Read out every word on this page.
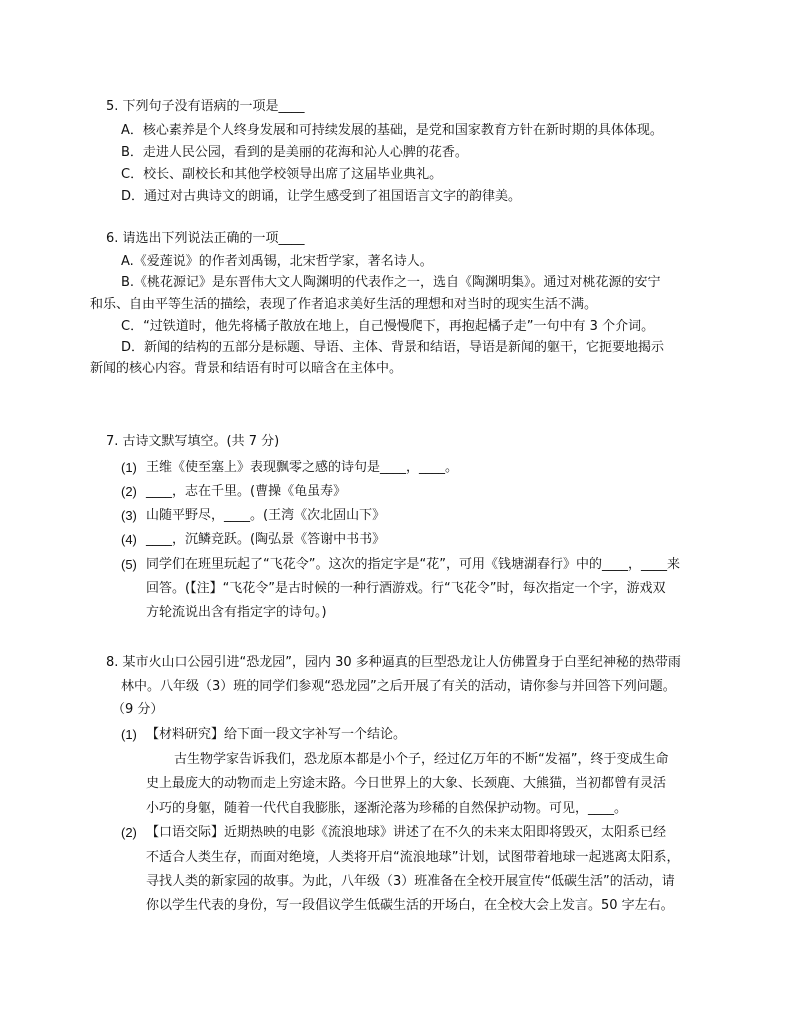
5. 下列句子没有语病的一项是____
A．核心素养是个人终身发展和可持续发展的基础，是党和国家教育方针在新时期的具体体现。
B．走进人民公园，看到的是美丽的花海和沁人心脾的花香。
C．校长、副校长和其他学校领导出席了这届毕业典礼。
D．通过对古典诗文的朗诵，让学生感受到了祖国语言文字的韵律美。
6. 请选出下列说法正确的一项____
A.《爱莲说》的作者刘禹锡，北宋哲学家，著名诗人。
B.《桃花源记》是东晋伟大文人陶渊明的代表作之一，选自《陶渊明集》。通过对桃花源的安宁
和乐、自由平等生活的描绘，表现了作者追求美好生活的理想和对当时的现实生活不满。
C．“过铁道时，他先将橘子散放在地上，自己慢慢爬下，再抱起橘子走”一句中有 3 个介词。
D．新闻的结构的五部分是标题、导语、主体、背景和结语，导语是新闻的躯干，它扼要地揭示
新闻的核心内容。背景和结语有时可以暗含在主体中。
7. 古诗文默写填空。(共 7 分)
(1) 王维《使至塞上》表现飘零之感的诗句是____，____。
(2) ____，志在千里。(曹操《龟虽寿》
(3) 山随平野尽，____。(王湾《次北固山下》
(4) ____，沉鳞竞跃。(陶弘景《答谢中书书》
(5) 同学们在班里玩起了“飞花令”。这次的指定字是“花”，可用《钱塘湖春行》中的____，____来
回答。(【注】“飞花令”是古时候的一种行酒游戏。行“飞花令”时，每次指定一个字，游戏双
方轮流说出含有指定字的诗句。)
8. 某市火山口公园引进“恐龙园”，园内 30 多种逼真的巨型恐龙让人仿佛置身于白垩纪神秘的热带雨
林中。八年级（3）班的同学们参观“恐龙园”之后开展了有关的活动，请你参与并回答下列问题。
（9 分）
(1) 【材料研究】给下面一段文字补写一个结论。
古生物学家告诉我们，恐龙原本都是小个子，经过亿万年的不断“发福”，终于变成生命
史上最庞大的动物而走上穷途末路。今日世界上的大象、长颈鹿、大熊猫，当初都曾有灵活
小巧的身躯，随着一代代自我膨胀，逐渐沦落为珍稀的自然保护动物。可见，____。
(2) 【口语交际】近期热映的电影《流浪地球》讲述了在不久的未来太阳即将毁灭，太阳系已经
不适合人类生存，而面对绝境，人类将开启“流浪地球”计划，试图带着地球一起逃离太阳系，
寻找人类的新家园的故事。为此，八年级（3）班准备在全校开展宣传“低碳生活”的活动，请
你以学生代表的身份，写一段倡议学生低碳生活的开场白，在全校大会上发言。50 字左右。
